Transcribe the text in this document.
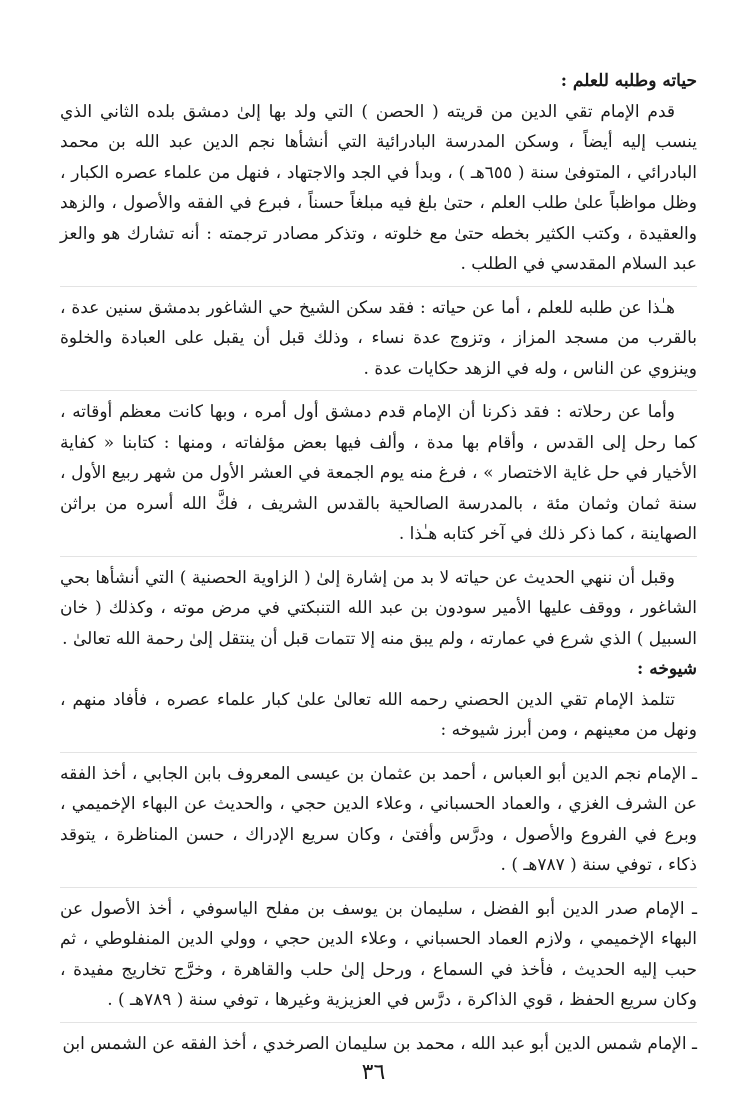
حياته وطلبه للعلم :

قدم الإمام تقي الدين من قريته ( الحصن ) التي ولد بها إلىٰ دمشق بلده الثاني الذي ينسب إليه أيضاً ، وسكن المدرسة البادرائية التي أنشأها نجم الدين عبد الله بن محمد البادرائي ، المتوفىٰ سنة ( ٦٥٥هـ ) ، وبدأ في الجد والاجتهاد ، فنهل من علماء عصره الكبار ، وظل مواظباً علىٰ طلب العلم ، حتىٰ بلغ فيه مبلغاً حسناً ، فبرع في الفقه والأصول ، والزهد والعقيدة ، وكتب الكثير بخطه حتىٰ مع خلوته ، وتذكر مصادر ترجمته : أنه تشارك هو والعز عبد السلام المقدسي في الطلب .

هـٰذا عن طلبه للعلم ، أما عن حياته : فقد سكن الشيخ حي الشاغور بدمشق سنين عدة ، بالقرب من مسجد المزاز ، وتزوج عدة نساء ، وذلك قبل أن يقبل على العبادة والخلوة وينزوي عن الناس ، وله في الزهد حكايات عدة .

وأما عن رحلاته : فقد ذكرنا أن الإمام قدم دمشق أول أمره ، وبها كانت معظم أوقاته ، كما رحل إلى القدس ، وأقام بها مدة ، وألف فيها بعض مؤلفاته ، ومنها : كتابنا « كفاية الأخيار في حل غاية الاختصار » ، فرغ منه يوم الجمعة في العشر الأول من شهر ربيع الأول ، سنة ثمان وثمان مئة ، بالمدرسة الصالحية بالقدس الشريف ، فكَّ الله أسره من براثن الصهاينة ، كما ذكر ذلك في آخر كتابه هـٰذا .

وقبل أن ننهي الحديث عن حياته لا بد من إشارة إلىٰ ( الزاوية الحصنية ) التي أنشأها بحي الشاغور ، ووقف عليها الأمير سودون بن عبد الله التنبكتي في مرض موته ، وكذلك ( خان السبيل ) الذي شرع في عمارته ، ولم يبق منه إلا تتمات قبل أن ينتقل إلىٰ رحمة الله تعالىٰ .

شيوخه :

تتلمذ الإمام تقي الدين الحصني رحمه الله تعالىٰ علىٰ كبار علماء عصره ، فأفاد منهم ، ونهل من معينهم ، ومن أبرز شيوخه :

ـ الإمام نجم الدين أبو العباس ، أحمد بن عثمان بن عيسى المعروف بابن الجابي ، أخذ الفقه عن الشرف الغزي ، والعماد الحسباني ، وعلاء الدين حجي ، والحديث عن البهاء الإخميمي ، وبرع في الفروع والأصول ، ودرَّس وأفتىٰ ، وكان سريع الإدراك ، حسن المناظرة ، يتوقد ذكاء ، توفي سنة ( ٧٨٧هـ ) .

ـ الإمام صدر الدين أبو الفضل ، سليمان بن يوسف بن مفلح الياسوفي ، أخذ الأصول عن البهاء الإخميمي ، ولازم العماد الحسباني ، وعلاء الدين حجي ، وولي الدين المنفلوطي ، ثم حبب إليه الحديث ، فأخذ في السماع ، ورحل إلىٰ حلب والقاهرة ، وخرَّج تخاريج مفيدة ، وكان سريع الحفظ ، قوي الذاكرة ، درَّس في العزيزية وغيرها ، توفي سنة ( ٧٨٩هـ ) .

ـ الإمام شمس الدين أبو عبد الله ، محمد بن سليمان الصرخدي ، أخذ الفقه عن الشمس ابن

٣٦
